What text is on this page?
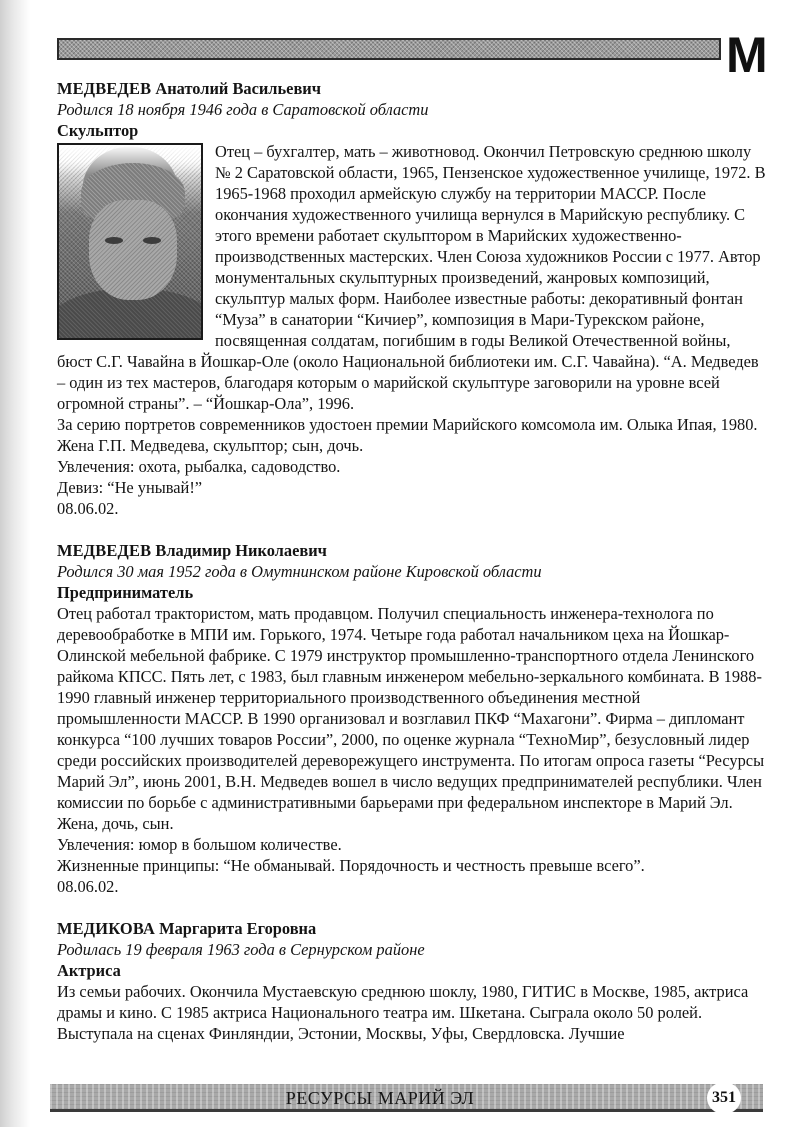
М
МЕДВЕДЕВ Анатолий Васильевич
Родился 18 ноября 1946 года в Саратовской области
Скульптор
Отец – бухгалтер, мать – животновод. Окончил Петровскую среднюю школу № 2 Саратовской области, 1965, Пензенское художественное училище, 1972. В 1965-1968 проходил армейскую службу на территории МАССР. После окончания художественного училища вернулся в Марийскую республику. С этого времени работает скульптором в Марийских художественно-производственных мастерских. Член Союза художников России с 1977. Автор монументальных скульптурных произведений, жанровых композиций, скульптур малых форм. Наиболее известные работы: декоративный фонтан “Муза” в санатории “Кичиер”, композиция в Мари-Турекском районе, посвященная солдатам, погибшим в годы Великой Отечественной войны, бюст С.Г. Чавайна в Йошкар-Оле (около Национальной библиотеки им. С.Г. Чавайна). “А. Медведев – один из тех мастеров, благодаря которым о марийской скульптуре заговорили на уровне всей огромной страны”. – “Йошкар-Ола”, 1996.
За серию портретов современников удостоен премии Марийского комсомола им. Олыка Ипая, 1980.
Жена Г.П. Медведева, скульптор; сын, дочь.
Увлечения: охота, рыбалка, садоводство.
Девиз: “Не унывай!”
08.06.02.
МЕДВЕДЕВ Владимир Николаевич
Родился 30 мая 1952 года в Омутнинском районе Кировской области
Предприниматель
Отец работал трактористом, мать продавцом. Получил специальность инженера-технолога по деревообработке в МПИ им. Горького, 1974. Четыре года работал начальником цеха на Йошкар-Олинской мебельной фабрике. С 1979 инструктор промышленно-транспортного отдела Ленинского райкома КПСС. Пять лет, с 1983, был главным инженером мебельно-зеркального комбината. В 1988-1990 главный инженер территориального производственного объединения местной промышленности МАССР. В 1990 организовал и возглавил ПКФ “Махагони”. Фирма – дипломант конкурса “100 лучших товаров России”, 2000, по оценке журнала “ТехноМир”, безусловный лидер среди российских производителей дереворежущего инструмента. По итогам опроса газеты “Ресурсы Марий Эл”, июнь 2001, В.Н. Медведев вошел в число ведущих предпринимателей республики. Член комиссии по борьбе с административными барьерами при федеральном инспекторе в Марий Эл.
Жена, дочь, сын.
Увлечения: юмор в большом количестве.
Жизненные принципы: “Не обманывай. Порядочность и честность превыше всего”.
08.06.02.
МЕДИКОВА Маргарита Егоровна
Родилась 19 февраля 1963 года в Сернурском районе
Актриса
Из семьи рабочих. Окончила Мустаевскую среднюю шоклу, 1980, ГИТИС в Москве, 1985, актриса драмы и кино. С 1985 актриса Национального театра им. Шкетана. Сыграла около 50 ролей. Выступала на сценах Финляндии, Эстонии, Москвы, Уфы, Свердловска. Лучшие
РЕСУРСЫ МАРИЙ ЭЛ	351
